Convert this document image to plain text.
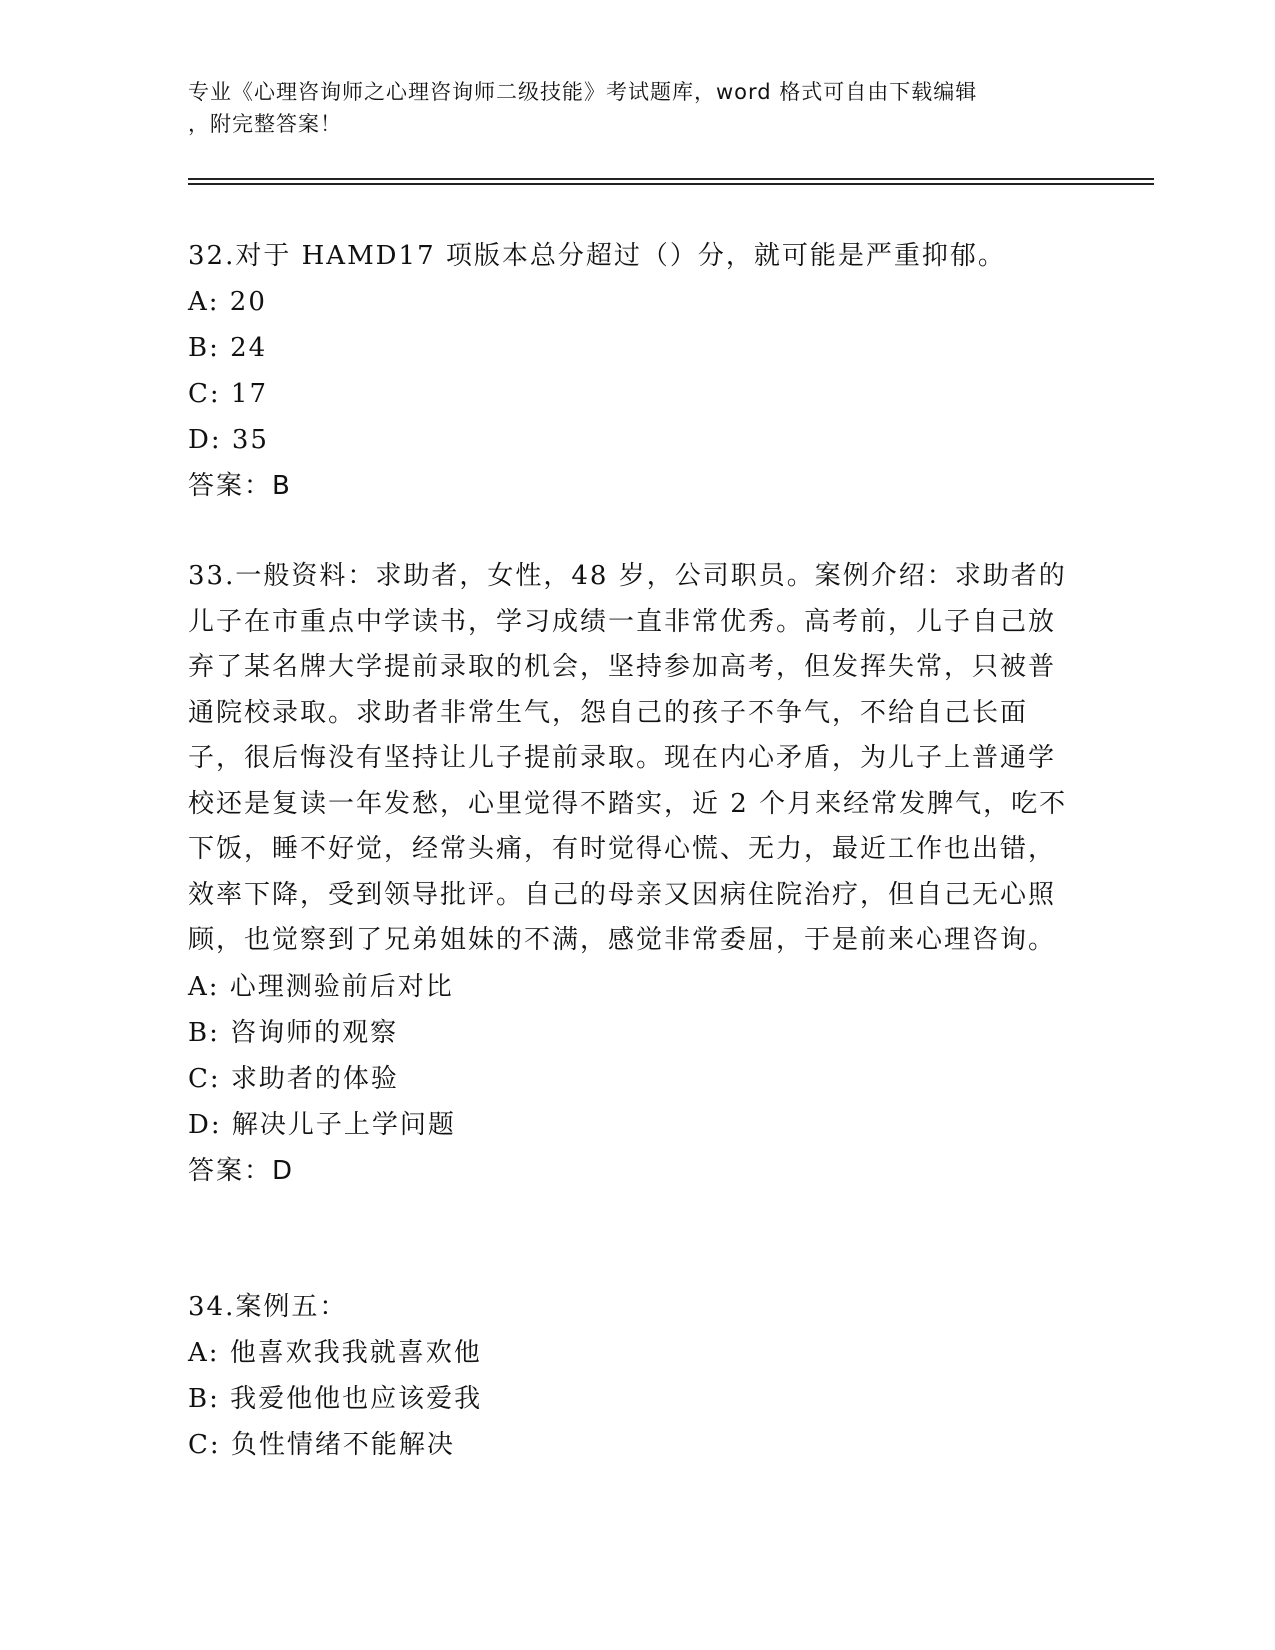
专业《心理咨询师之心理咨询师二级技能》考试题库，word 格式可自由下载编辑
，附完整答案！

32.对于 HAMD17 项版本总分超过（）分，就可能是严重抑郁。

A: 20

B: 24

C: 17

D: 35

答案：B

33.一般资料：求助者，女性，48 岁，公司职员。案例介绍：求助者的儿子在市重点中学读书，学习成绩一直非常优秀。高考前，儿子自己放弃了某名牌大学提前录取的机会，坚持参加高考，但发挥失常，只被普通院校录取。求助者非常生气，怨自己的孩子不争气，不给自己长面子，很后悔没有坚持让儿子提前录取。现在内心矛盾，为儿子上普通学校还是复读一年发愁，心里觉得不踏实，近 2 个月来经常发脾气，吃不下饭，睡不好觉，经常头痛，有时觉得心慌、无力，最近工作也出错，效率下降，受到领导批评。自己的母亲又因病住院治疗，但自己无心照顾，也觉察到了兄弟姐妹的不满，感觉非常委屈，于是前来心理咨询。

A: 心理测验前后对比

B: 咨询师的观察

C: 求助者的体验

D: 解决儿子上学问题

答案：D

34.案例五：

A: 他喜欢我我就喜欢他

B: 我爱他他也应该爱我

C: 负性情绪不能解决
